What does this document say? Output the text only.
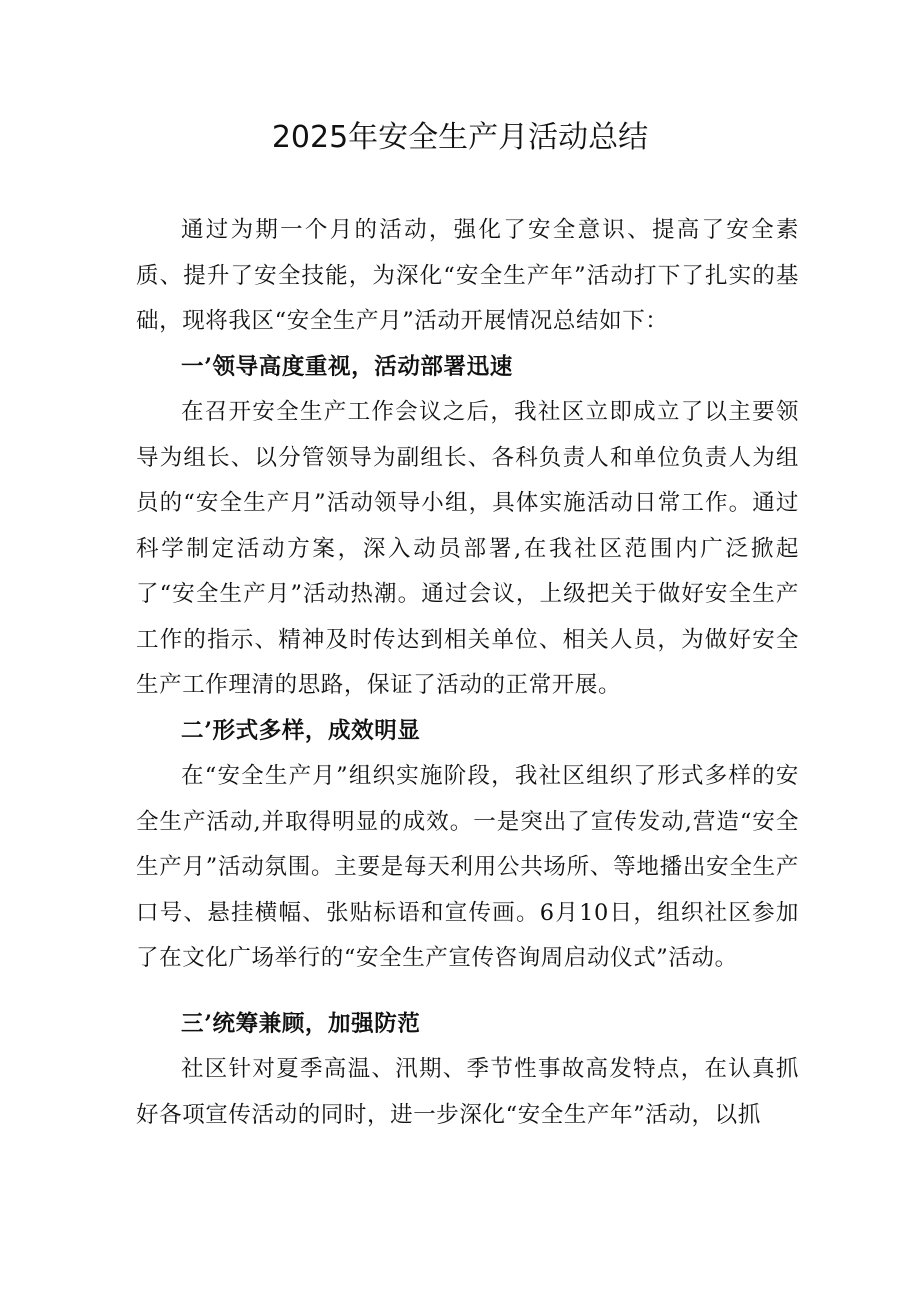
2025年安全生产月活动总结

通过为期一个月的活动，强化了安全意识、提高了安全素质、提升了安全技能，为深化“安全生产年”活动打下了扎实的基础，现将我区“安全生产月”活动开展情况总结如下：

一’领导高度重视，活动部署迅速

在召开安全生产工作会议之后，我社区立即成立了以主要领导为组长、以分管领导为副组长、各科负责人和单位负责人为组员的“安全生产月”活动领导小组，具体实施活动日常工作。通过科学制定活动方案，深入动员部署,在我社区范围内广泛掀起了“安全生产月”活动热潮。通过会议，上级把关于做好安全生产工作的指示、精神及时传达到相关单位、相关人员，为做好安全生产工作理清的思路，保证了活动的正常开展。

二’形式多样，成效明显

在“安全生产月”组织实施阶段，我社区组织了形式多样的安全生产活动,并取得明显的成效。一是突出了宣传发动,营造“安全生产月”活动氛围。主要是每天利用公共场所、等地播出安全生产口号、悬挂横幅、张贴标语和宣传画。6月10日，组织社区参加了在文化广场举行的“安全生产宣传咨询周启动仪式”活动。

三’统筹兼顾，加强防范

社区针对夏季高温、汛期、季节性事故高发特点，在认真抓好各项宣传活动的同时，进一步深化“安全生产年”活动，以抓
